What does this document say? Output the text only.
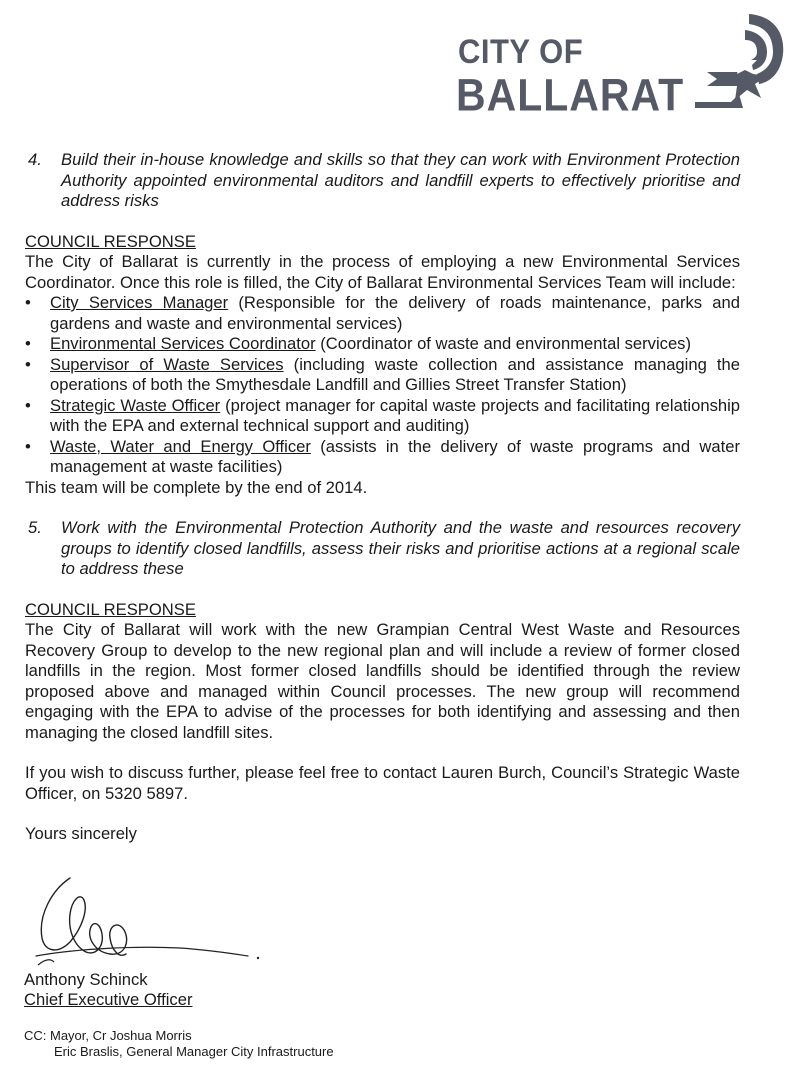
CITY OF
BALLARAT
4. Build their in-house knowledge and skills so that they can work with Environment Protection Authority appointed environmental auditors and landfill experts to effectively prioritise and address risks
COUNCIL RESPONSE
The City of Ballarat is currently in the process of employing a new Environmental Services Coordinator. Once this role is filled, the City of Ballarat Environmental Services Team will include:
• City Services Manager (Responsible for the delivery of roads maintenance, parks and gardens and waste and environmental services)
• Environmental Services Coordinator (Coordinator of waste and environmental services)
• Supervisor of Waste Services (including waste collection and assistance managing the operations of both the Smythesdale Landfill and Gillies Street Transfer Station)
• Strategic Waste Officer (project manager for capital waste projects and facilitating relationship with the EPA and external technical support and auditing)
• Waste, Water and Energy Officer (assists in the delivery of waste programs and water management at waste facilities)
This team will be complete by the end of 2014.
5. Work with the Environmental Protection Authority and the waste and resources recovery groups to identify closed landfills, assess their risks and prioritise actions at a regional scale to address these
COUNCIL RESPONSE
The City of Ballarat will work with the new Grampian Central West Waste and Resources Recovery Group to develop to the new regional plan and will include a review of former closed landfills in the region. Most former closed landfills should be identified through the review proposed above and managed within Council processes. The new group will recommend engaging with the EPA to advise of the processes for both identifying and assessing and then managing the closed landfill sites.
If you wish to discuss further, please feel free to contact Lauren Burch, Council’s Strategic Waste Officer, on 5320 5897.
Yours sincerely
Anthony Schinck
Chief Executive Officer
CC: Mayor, Cr Joshua Morris
Eric Braslis, General Manager City Infrastructure
